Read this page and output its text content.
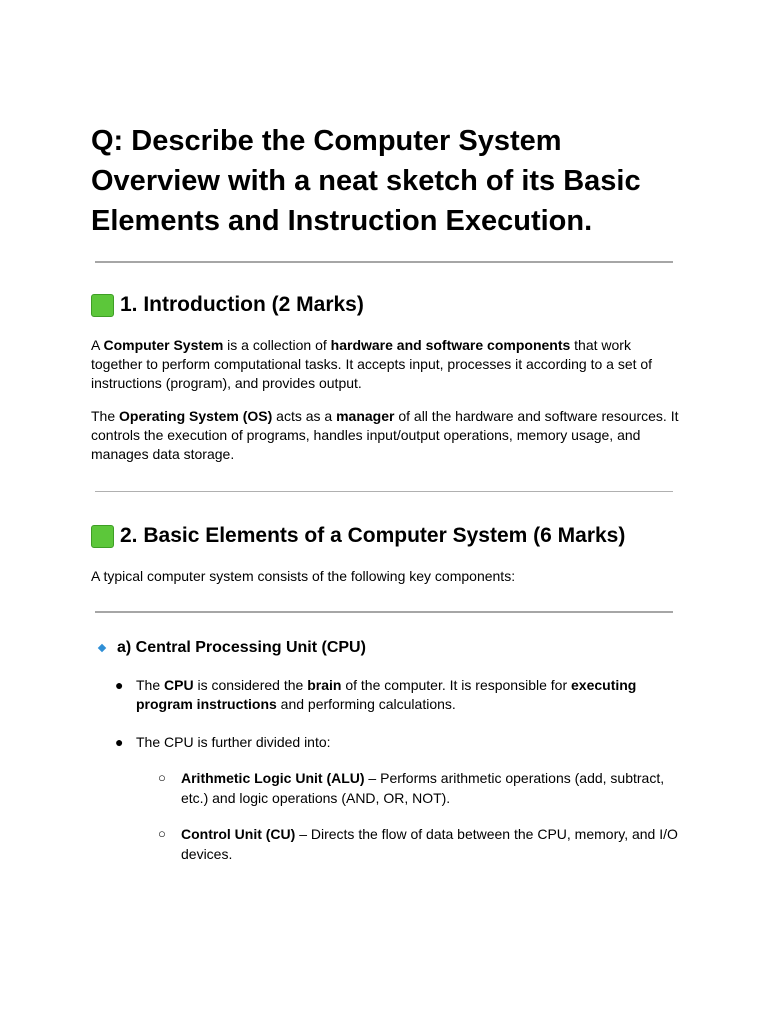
Q: Describe the Computer System Overview with a neat sketch of its Basic Elements and Instruction Execution.
1. Introduction (2 Marks)

A Computer System is a collection of hardware and software components that work together to perform computational tasks. It accepts input, processes it according to a set of instructions (program), and provides output.

The Operating System (OS) acts as a manager of all the hardware and software resources. It controls the execution of programs, handles input/output operations, memory usage, and manages data storage.

2. Basic Elements of a Computer System (6 Marks)

A typical computer system consists of the following key components:

a) Central Processing Unit (CPU)
● The CPU is considered the brain of the computer. It is responsible for executing program instructions and performing calculations.
● The CPU is further divided into:
○ Arithmetic Logic Unit (ALU) – Performs arithmetic operations (add, subtract, etc.) and logic operations (AND, OR, NOT).
○ Control Unit (CU) – Directs the flow of data between the CPU, memory, and I/O devices.
